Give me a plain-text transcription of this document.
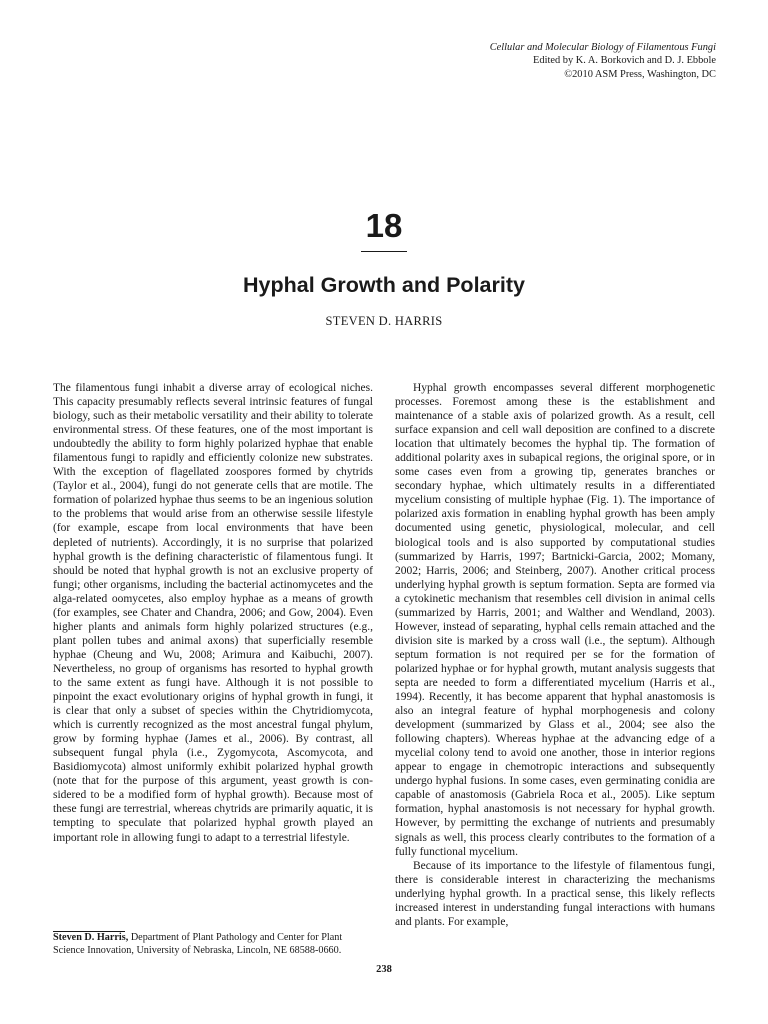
Cellular and Molecular Biology of Filamentous Fungi
Edited by K. A. Borkovich and D. J. Ebbole
©2010 ASM Press, Washington, DC
18
Hyphal Growth and Polarity
STEVEN D. HARRIS

The filamentous fungi inhabit a diverse array of ecological niches. This capacity presumably reflects several intrinsic features of fungal biology, such as their metabolic versatility and their ability to tolerate environmental stress. Of these features, one of the most important is undoubtedly the ability to form highly polarized hyphae that enable filamentous fungi to rapidly and efficiently colonize new substrates. With the exception of flagellated zoospores formed by chytrids (Taylor et al., 2004), fungi do not generate cells that are motile. The formation of polarized hyphae thus seems to be an ingenious solution to the problems that would arise from an otherwise sessile lifestyle (for example, escape from local environments that have been depleted of nutrients). Accordingly, it is no surprise that polarized hyphal growth is the defining characteristic of filamentous fungi. It should be noted that hyphal growth is not an exclusive property of fungi; other organisms, including the bacterial actinomycetes and the alga-related oomycetes, also employ hyphae as a means of growth (for examples, see Chater and Chandra, 2006; and Gow, 2004). Even higher plants and animals form highly polarized structures (e.g., plant pollen tubes and animal axons) that superficially resemble hyphae (Cheung and Wu, 2008; Arimura and Kaibuchi, 2007). Nevertheless, no group of organisms has resorted to hyphal growth to the same extent as fungi have. Although it is not possible to pinpoint the exact evolutionary origins of hyphal growth in fungi, it is clear that only a subset of species within the Chytridiomycota, which is currently recognized as the most ancestral fungal phylum, grow by forming hyphae (James et al., 2006). By contrast, all subsequent fungal phyla (i.e., Zygomycota, Ascomycota, and Basidiomycota) almost uniformly exhibit polarized hyphal growth (note that for the purpose of this argument, yeast growth is considered to be a modified form of hyphal growth). Because most of these fungi are terrestrial, whereas chytrids are primarily aquatic, it is tempting to speculate that polarized hyphal growth played an important role in allowing fungi to adapt to a terrestrial lifestyle.

Hyphal growth encompasses several different morphogenetic processes. Foremost among these is the establishment and maintenance of a stable axis of polarized growth. As a result, cell surface expansion and cell wall deposition are confined to a discrete location that ultimately becomes the hyphal tip. The formation of additional polarity axes in subapical regions, the original spore, or in some cases even from a growing tip, generates branches or secondary hyphae, which ultimately results in a differentiated mycelium consisting of multiple hyphae (Fig. 1). The importance of polarized axis formation in enabling hyphal growth has been amply documented using genetic, physiological, molecular, and cell biological tools and is also supported by computational studies (summarized by Harris, 1997; Bartnicki-Garcia, 2002; Momany, 2002; Harris, 2006; and Steinberg, 2007). Another critical process underlying hyphal growth is septum formation. Septa are formed via a cytokinetic mechanism that resembles cell division in animal cells (summarized by Harris, 2001; and Walther and Wendland, 2003). However, instead of separating, hyphal cells remain attached and the division site is marked by a cross wall (i.e., the septum). Although septum formation is not required per se for the formation of polarized hyphae or for hyphal growth, mutant analysis suggests that septa are needed to form a differentiated mycelium (Harris et al., 1994). Recently, it has become apparent that hyphal anastomosis is also an integral feature of hyphal morphogenesis and colony development (summarized by Glass et al., 2004; see also the following chapters). Whereas hyphae at the advancing edge of a mycelial colony tend to avoid one another, those in interior regions appear to engage in chemotropic interactions and subsequently undergo hyphal fusions. In some cases, even germinating conidia are capable of anastomosis (Gabriela Roca et al., 2005). Like septum formation, hyphal anastomosis is not necessary for hyphal growth. However, by permitting the exchange of nutrients and presumably signals as well, this process clearly contributes to the formation of a fully functional mycelium.

Because of its importance to the lifestyle of filamentous fungi, there is considerable interest in characterizing the mechanisms underlying hyphal growth. In a practical sense, this likely reflects increased interest in understanding fungal interactions with humans and plants. For example,

Steven D. Harris, Department of Plant Pathology and Center for Plant Science Innovation, University of Nebraska, Lincoln, NE 68588-0660.
238
